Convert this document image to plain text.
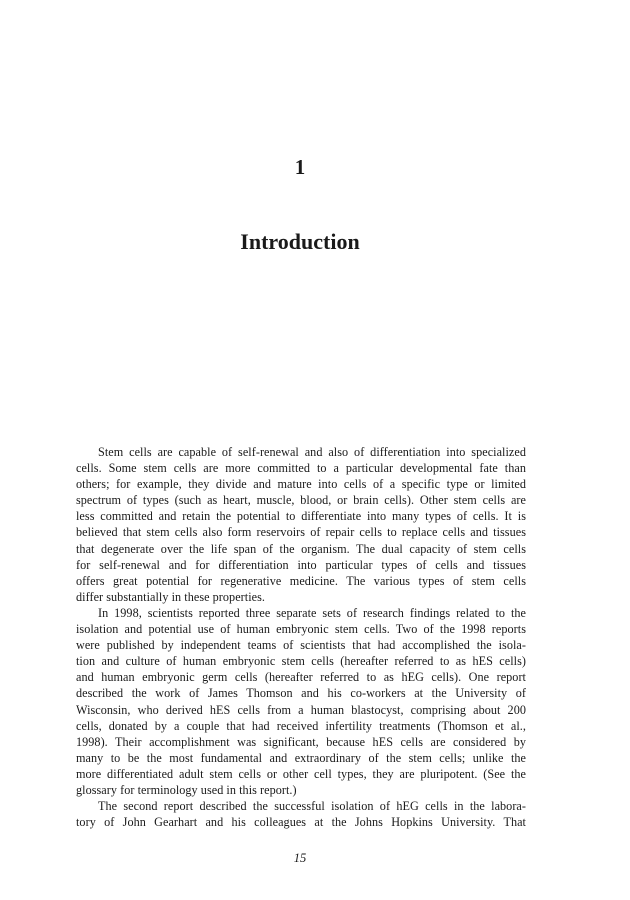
1
Introduction
Stem cells are capable of self-renewal and also of differentiation into specialized
cells. Some stem cells are more committed to a particular developmental fate than
others; for example, they divide and mature into cells of a specific type or limited
spectrum of types (such as heart, muscle, blood, or brain cells). Other stem cells are
less committed and retain the potential to differentiate into many types of cells. It is
believed that stem cells also form reservoirs of repair cells to replace cells and tissues
that degenerate over the life span of the organism. The dual capacity of stem cells
for self-renewal and for differentiation into particular types of cells and tissues
offers great potential for regenerative medicine. The various types of stem cells
differ substantially in these properties.
In 1998, scientists reported three separate sets of research findings related to the
isolation and potential use of human embryonic stem cells. Two of the 1998 reports
were published by independent teams of scientists that had accomplished the isola-
tion and culture of human embryonic stem cells (hereafter referred to as hES cells)
and human embryonic germ cells (hereafter referred to as hEG cells). One report
described the work of James Thomson and his co-workers at the University of
Wisconsin, who derived hES cells from a human blastocyst, comprising about 200
cells, donated by a couple that had received infertility treatments (Thomson et al.,
1998). Their accomplishment was significant, because hES cells are considered by
many to be the most fundamental and extraordinary of the stem cells; unlike the
more differentiated adult stem cells or other cell types, they are pluripotent. (See the
glossary for terminology used in this report.)
The second report described the successful isolation of hEG cells in the labora-
tory of John Gearhart and his colleagues at the Johns Hopkins University. That
15
